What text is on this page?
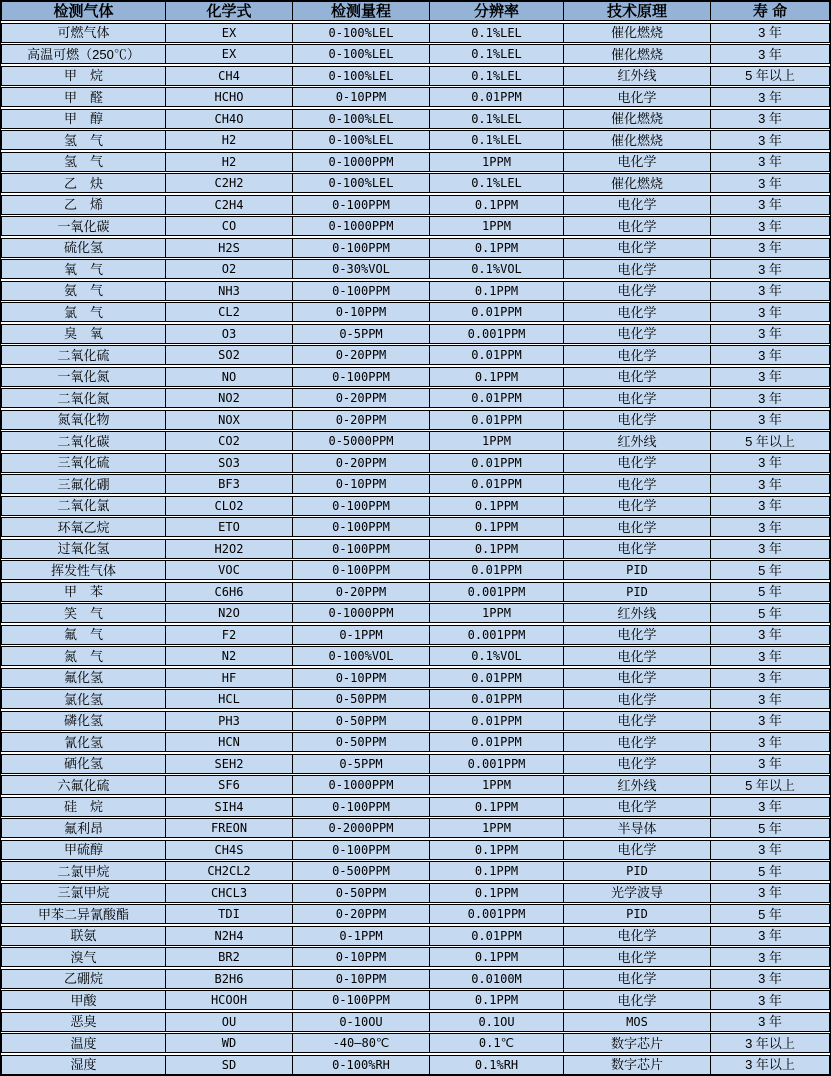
检测气体	化学式	检测量程	分辨率	技术原理	寿 命
可燃气体	EX	0-100%LEL	0.1%LEL	催化燃烧	3 年
高温可燃（250℃）	EX	0-100%LEL	0.1%LEL	催化燃烧	3 年
甲　烷	CH4	0-100%LEL	0.1%LEL	红外线	5 年以上
甲　醛	HCHO	0-10PPM	0.01PPM	电化学	3 年
甲　醇	CH4O	0-100%LEL	0.1%LEL	催化燃烧	3 年
氢　气	H2	0-100%LEL	0.1%LEL	催化燃烧	3 年
氢　气	H2	0-1000PPM	1PPM	电化学	3 年
乙　炔	C2H2	0-100%LEL	0.1%LEL	催化燃烧	3 年
乙　烯	C2H4	0-100PPM	0.1PPM	电化学	3 年
一氧化碳	CO	0-1000PPM	1PPM	电化学	3 年
硫化氢	H2S	0-100PPM	0.1PPM	电化学	3 年
氧　气	O2	0-30%VOL	0.1%VOL	电化学	3 年
氨　气	NH3	0-100PPM	0.1PPM	电化学	3 年
氯　气	CL2	0-10PPM	0.01PPM	电化学	3 年
臭　氧	O3	0-5PPM	0.001PPM	电化学	3 年
二氧化硫	SO2	0-20PPM	0.01PPM	电化学	3 年
一氧化氮	NO	0-100PPM	0.1PPM	电化学	3 年
二氧化氮	NO2	0-20PPM	0.01PPM	电化学	3 年
氮氧化物	NOX	0-20PPM	0.01PPM	电化学	3 年
二氧化碳	CO2	0-5000PPM	1PPM	红外线	5 年以上
三氧化硫	SO3	0-20PPM	0.01PPM	电化学	3 年
三氟化硼	BF3	0-10PPM	0.01PPM	电化学	3 年
二氧化氯	CLO2	0-100PPM	0.1PPM	电化学	3 年
环氧乙烷	ETO	0-100PPM	0.1PPM	电化学	3 年
过氧化氢	H2O2	0-100PPM	0.1PPM	电化学	3 年
挥发性气体	VOC	0-100PPM	0.01PPM	PID	5 年
甲　苯	C6H6	0-20PPM	0.001PPM	PID	5 年
笑　气	N2O	0-1000PPM	1PPM	红外线	5 年
氟　气	F2	0-1PPM	0.001PPM	电化学	3 年
氮　气	N2	0-100%VOL	0.1%VOL	电化学	3 年
氟化氢	HF	0-10PPM	0.01PPM	电化学	3 年
氯化氢	HCL	0-50PPM	0.01PPM	电化学	3 年
磷化氢	PH3	0-50PPM	0.01PPM	电化学	3 年
氰化氢	HCN	0-50PPM	0.01PPM	电化学	3 年
硒化氢	SEH2	0-5PPM	0.001PPM	电化学	3 年
六氟化硫	SF6	0-1000PPM	1PPM	红外线	5 年以上
硅　烷	SIH4	0-100PPM	0.1PPM	电化学	3 年
氟利昂	FREON	0-2000PPM	1PPM	半导体	5 年
甲硫醇	CH4S	0-100PPM	0.1PPM	电化学	3 年
二氯甲烷	CH2CL2	0-500PPM	0.1PPM	PID	5 年
三氯甲烷	CHCL3	0-50PPM	0.1PPM	光学波导	3 年
甲苯二异氰酸酯	TDI	0-20PPM	0.001PPM	PID	5 年
联氨	N2H4	0-1PPM	0.01PPM	电化学	3 年
溴气	BR2	0-10PPM	0.1PPM	电化学	3 年
乙硼烷	B2H6	0-10PPM	0.0100M	电化学	3 年
甲酸	HCOOH	0-100PPM	0.1PPM	电化学	3 年
恶臭	OU	0-10OU	0.1OU	MOS	3 年
温度	WD	-40—80℃	0.1℃	数字芯片	3 年以上
湿度	SD	0-100%RH	0.1%RH	数字芯片	3 年以上
